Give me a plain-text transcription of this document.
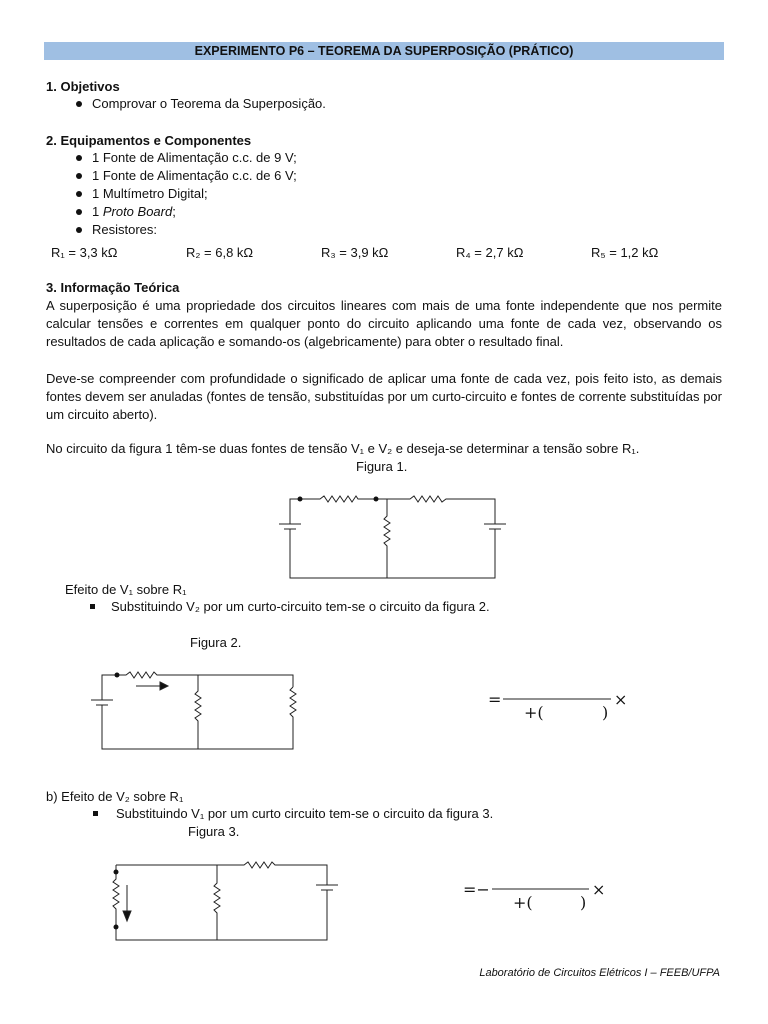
EXPERIMENTO P6 – TEOREMA DA SUPERPOSIÇÃO (PRÁTICO)
1. Objetivos
Comprovar o Teorema da Superposição.
2. Equipamentos e Componentes
1 Fonte de Alimentação c.c. de 9 V;
1 Fonte de Alimentação c.c. de 6 V;
1 Multímetro Digital;
1 Proto Board;
Resistores:
R₁ = 3,3 kΩ	R₂ = 6,8 kΩ	R₃ = 3,9 kΩ	R₄ = 2,7 kΩ	R₅ = 1,2 kΩ
3. Informação Teórica
A superposição é uma propriedade dos circuitos lineares com mais de uma fonte independente que nos permite calcular tensões e correntes em qualquer ponto do circuito aplicando uma fonte de cada vez, observando os resultados de cada aplicação e somando-os (algebricamente) para obter o resultado final.
Deve-se compreender com profundidade o significado de aplicar uma fonte de cada vez, pois feito isto, as demais fontes devem ser anuladas (fontes de tensão, substituídas por um curto-circuito e fontes de corrente substituídas por um circuito aberto).
No circuito da figura 1 têm-se duas fontes de tensão V₁ e V₂ e deseja-se determinar a tensão sobre R₁.
Figura 1.
Efeito de V₁ sobre R₁
Substituindo V₂ por um curto-circuito tem-se o circuito da figura 2.
Figura 2.
=
+(	)
×
b) Efeito de V₂ sobre R₁
Substituindo V₁ por um curto circuito tem-se o circuito da figura 3.
Figura 3.
=−
+(	)
×
Laboratório de Circuitos Elétricos I – FEEB/UFPA
